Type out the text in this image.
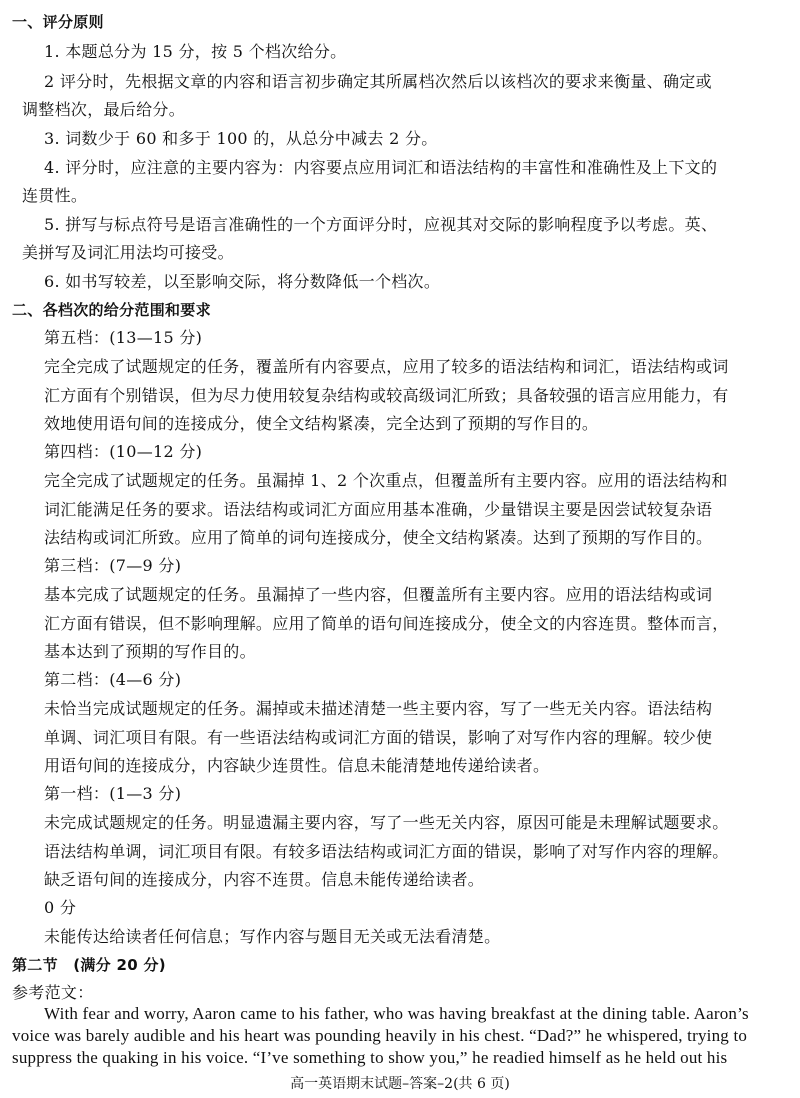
一、评分原则
1. 本题总分为 15 分，按 5 个档次给分。
2 评分时，先根据文章的内容和语言初步确定其所属档次然后以该档次的要求来衡量、确定或
调整档次，最后给分。
3. 词数少于 60 和多于 100 的，从总分中减去 2 分。
4. 评分时，应注意的主要内容为：内容要点应用词汇和语法结构的丰富性和准确性及上下文的
连贯性。
5. 拼写与标点符号是语言准确性的一个方面评分时，应视其对交际的影响程度予以考虑。英、
美拼写及词汇用法均可接受。
6. 如书写较差，以至影响交际，将分数降低一个档次。
二、各档次的给分范围和要求
第五档：(13—15 分)
完全完成了试题规定的任务，覆盖所有内容要点，应用了较多的语法结构和词汇，语法结构或词
汇方面有个别错误，但为尽力使用较复杂结构或较高级词汇所致；具备较强的语言应用能力，有
效地使用语句间的连接成分，使全文结构紧凑，完全达到了预期的写作目的。
第四档：(10—12 分)
完全完成了试题规定的任务。虽漏掉 1、2 个次重点，但覆盖所有主要内容。应用的语法结构和
词汇能满足任务的要求。语法结构或词汇方面应用基本准确，少量错误主要是因尝试较复杂语
法结构或词汇所致。应用了简单的词句连接成分，使全文结构紧凑。达到了预期的写作目的。
第三档：(7—9 分)
基本完成了试题规定的任务。虽漏掉了一些内容，但覆盖所有主要内容。应用的语法结构或词
汇方面有错误，但不影响理解。应用了简单的语句间连接成分，使全文的内容连贯。整体而言，
基本达到了预期的写作目的。
第二档：(4—6 分)
未恰当完成试题规定的任务。漏掉或未描述清楚一些主要内容，写了一些无关内容。语法结构
单调、词汇项目有限。有一些语法结构或词汇方面的错误，影响了对写作内容的理解。较少使
用语句间的连接成分，内容缺少连贯性。信息未能清楚地传递给读者。
第一档：(1—3 分)
未完成试题规定的任务。明显遗漏主要内容，写了一些无关内容，原因可能是未理解试题要求。
语法结构单调，词汇项目有限。有较多语法结构或词汇方面的错误，影响了对写作内容的理解。
缺乏语句间的连接成分，内容不连贯。信息未能传递给读者。
0 分
未能传达给读者任何信息；写作内容与题目无关或无法看清楚。
第二节　(满分 20 分)
参考范文：
With fear and worry, Aaron came to his father, who was having breakfast at the dining table. Aaron’s
voice was barely audible and his heart was pounding heavily in his chest. “Dad?” he whispered, trying to
高一英语期末试题–答案–2(共 6 页)
suppress the quaking in his voice. “I’ve something to show you,” he readied himself as he held out his
